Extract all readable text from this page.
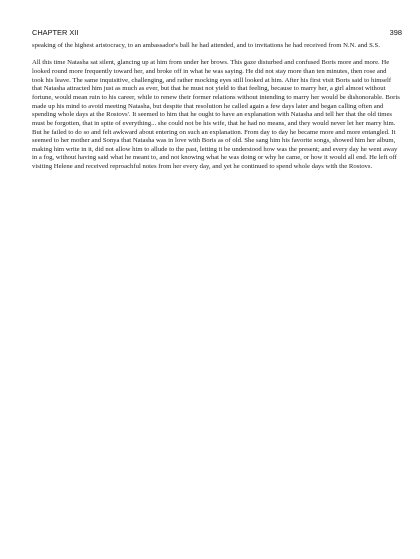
CHAPTER XII	398

speaking of the highest aristocracy, to an ambassador's ball he had attended, and to invitations he had received from N.N. and S.S.

All this time Natasha sat silent, glancing up at him from under her brows. This gaze disturbed and confused Boris more and more. He looked round more frequently toward her, and broke off in what he was saying. He did not stay more than ten minutes, then rose and took his leave. The same inquisitive, challenging, and rather mocking eyes still looked at him. After his first visit Boris said to himself that Natasha attracted him just as much as ever, but that he must not yield to that feeling, because to marry her, a girl almost without fortune, would mean ruin to his career, while to renew their former relations without intending to marry her would be dishonorable. Boris made up his mind to avoid meeting Natasha, but despite that resolution he called again a few days later and began calling often and spending whole days at the Rostovs'. It seemed to him that he ought to have an explanation with Natasha and tell her that the old times must be forgotten, that in spite of everything... she could not be his wife, that he had no means, and they would never let her marry him. But he failed to do so and felt awkward about entering on such an explanation. From day to day he became more and more entangled. It seemed to her mother and Sonya that Natasha was in love with Boris as of old. She sang him his favorite songs, showed him her album, making him write in it, did not allow him to allude to the past, letting it be understood how was the present; and every day he went away in a fog, without having said what he meant to, and not knowing what he was doing or why he came, or how it would all end. He left off visiting Helene and received reproachful notes from her every day, and yet he continued to spend whole days with the Rostovs.
